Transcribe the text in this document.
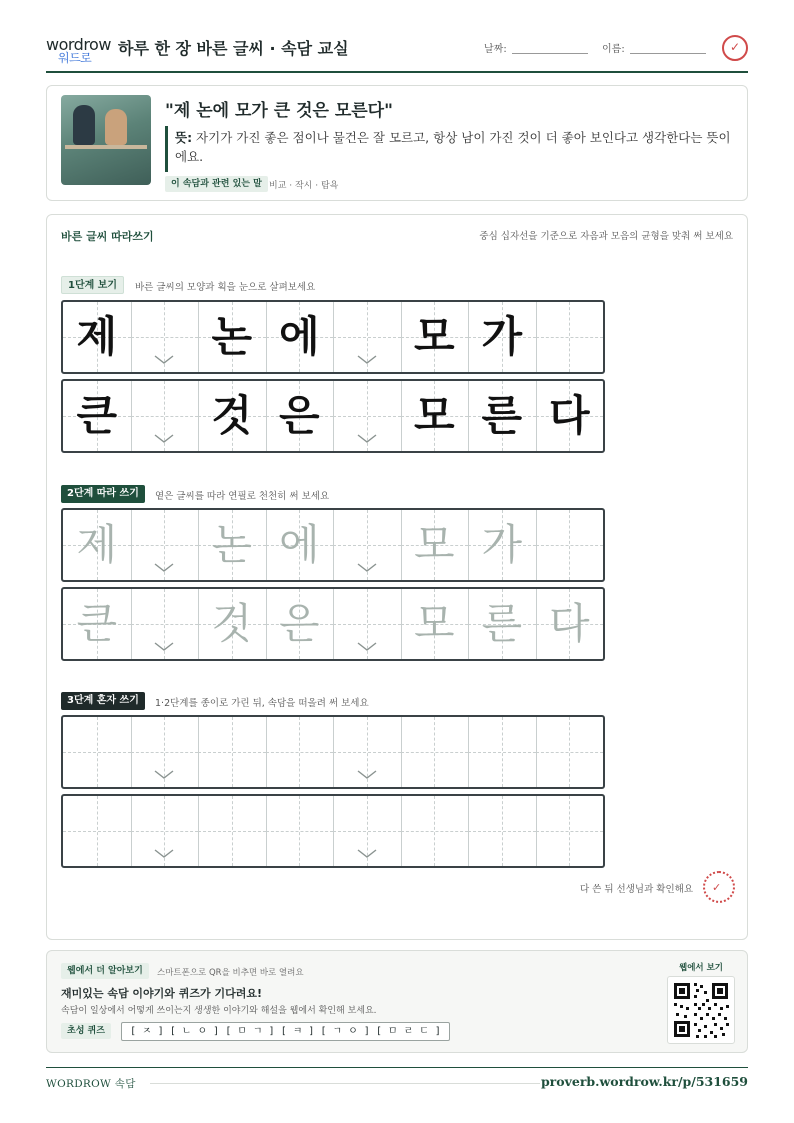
wordrow
워드로 하루 한 장 바른 글씨 · 속담 교실	날짜:	이름:
✓
"제 논에 모가 큰 것은 모른다"
뜻: 자기가 가진 좋은 점이나 물건은 잘 모르고, 항상 남이 가진 것이 더 좋아 보인다고 생각한다는 뜻이에요.
이 속담과 관련 있는 말 비교 · 작시 · 탐욕
바른 글씨 따라쓰기	중심 십자선을 기준으로 자음과 모음의 균형을 맞춰 써 보세요
1단계 보기	바른 글씨의 모양과 획을 눈으로 살펴보세요
제	논 에	모 가
큰	것 은	모 른 다
2단계 따라 쓰기	옅은 글씨를 따라 연필로 천천히 써 보세요
제	논 에	모 가
큰	것 은	모 른 다
3단계 혼자 쓰기	1·2단계를 종이로 가린 뒤, 속담을 떠올려 써 보세요
다 쓴 뒤 선생님과 확인해요 ✓
웹에서 더 알아보기	스마트폰으로 QR을 비추면 바로 열려요
재미있는 속담 이야기와 퀴즈가 기다려요!
속담이 일상에서 어떻게 쓰이는지 생생한 이야기와 해설을 웹에서 확인해 보세요.
초성 퀴즈	[ ㅈ ] [ ㄴ ㅇ ] [ ㅁ ㄱ ] [ ㅋ ] [ ㄱ ㅇ ] [ ㅁ ㄹ ㄷ ]
웹에서 보기
WORDROW 속담	proverb.wordrow.kr/p/531659
